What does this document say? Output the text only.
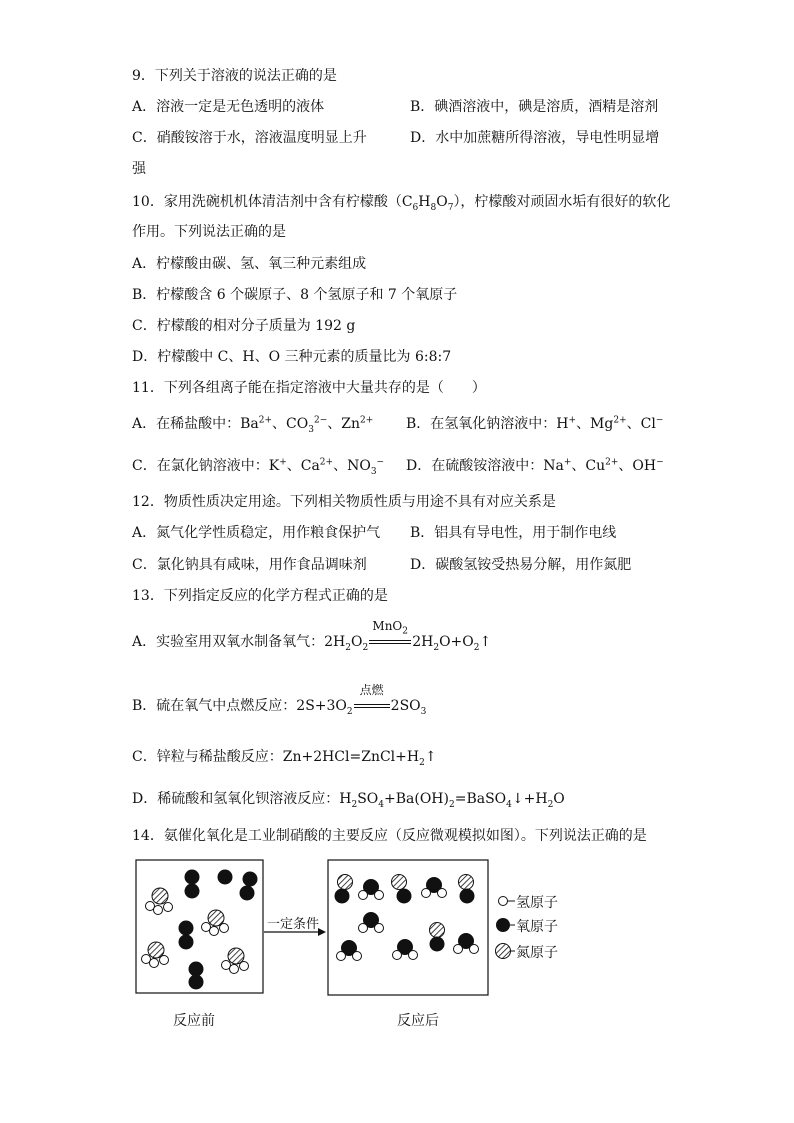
9．下列关于溶液的说法正确的是
A．溶液一定是无色透明的液体	B．碘酒溶液中，碘是溶质，酒精是溶剂
C．硝酸铵溶于水，溶液温度明显上升	D．水中加蔗糖所得溶液，导电性明显增
强
10．家用洗碗机机体清洁剂中含有柠檬酸$(C_6H_8O_7)$，柠檬酸对顽固水垢有很好的软化
作用。下列说法正确的是
A．柠檬酸由碳、氢、氧三种元素组成
B．柠檬酸含 6 个碳原子、8 个氢原子和 7 个氧原子
C．柠檬酸的相对分子质量为 192 g
D．柠檬酸中 C、H、O 三种元素的质量比为 6:8:7
11．下列各组离子能在指定溶液中大量共存的是（　　）
A．在稀盐酸中：$Ba^{2+}$、$CO_3^{2-}$、$Zn^{2+}$ B．在氢氧化钠溶液中：H+、$Mg^{2+}$、Cl−
C．在氯化钠溶液中：K+、$Ca^{2+}$、$NO_3^-$ D．在硫酸铵溶液中：Na+、$Cu^{2+}$、OH−
12．物质性质决定用途。下列相关物质性质与用途不具有对应关系是
A．氮气化学性质稳定，用作粮食保护气 B．铝具有导电性，用于制作电线
C．氯化钠具有咸味，用作食品调味剂	D．碳酸氢铵受热易分解，用作氮肥
13．下列指定反应的化学方程式正确的是
A．实验室用双氧水制备氧气：$2H_2O_2$
MnO$_2$
$2H_2O+O_2↑$
B．硫在氧气中点燃反应：$2S+3O_2$
点燃
$2SO_3$
C．锌粒与稀盐酸反应：$Zn+2HCl=ZnCl+H_2↑$
D．稀硫酸和氢氧化钡溶液反应：$H_2SO_4+Ba(OH)_2=BaSO_4↓+H_2O$
14．氨催化氧化是工业制硝酸的主要反应（反应微观模拟如图）。下列说法正确的是
一定条件
氢原子
氧原子
氮原子
反应前	反应后
